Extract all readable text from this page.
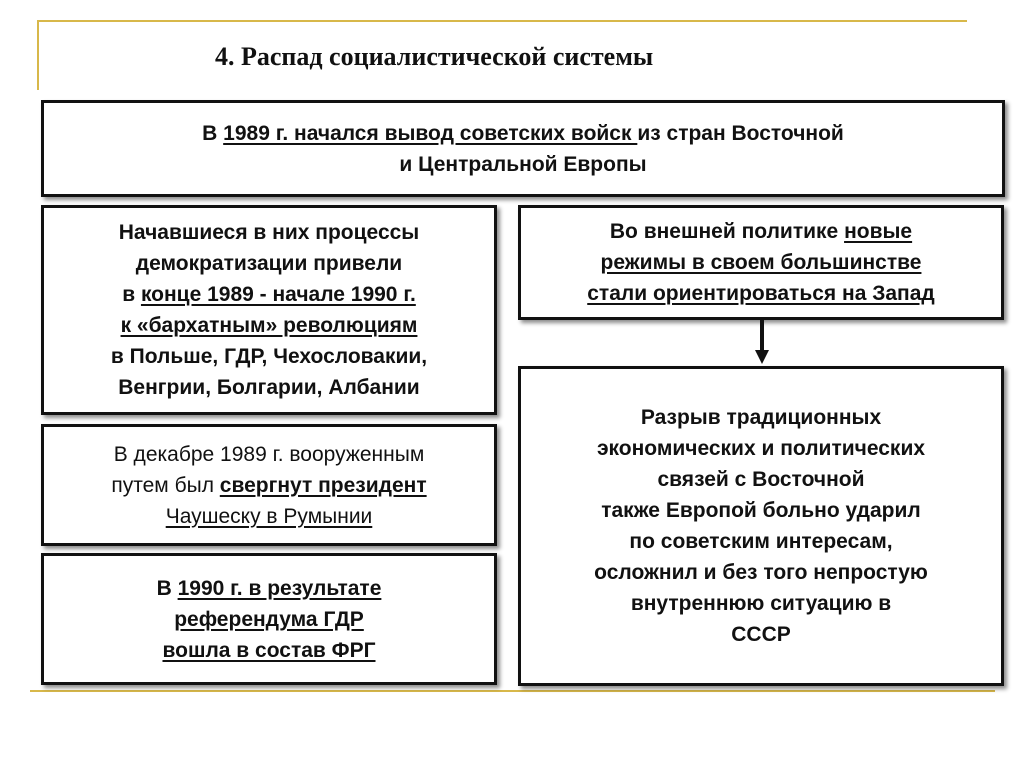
4. Распад социалистической системы
В 1989 г. начался вывод советских войск из стран Восточной
и Центральной Европы
Начавшиеся в них процессы
демократизации привели
в конце 1989 - начале 1990 г.
к «бархатным» революциям
в Польше, ГДР, Чехословакии,
Венгрии, Болгарии, Албании
В декабре 1989 г. вооруженным
путем был свергнут президент
Чаушеску в Румынии
В 1990 г. в результате
референдума ГДР
вошла в состав ФРГ
Во внешней политике новые
режимы в своем большинстве
стали ориентироваться на Запад
Разрыв традиционных
экономических и политических
связей с Восточной
также Европой больно ударил
по советским интересам,
осложнил и без того непростую
внутреннюю ситуацию в
СССР
